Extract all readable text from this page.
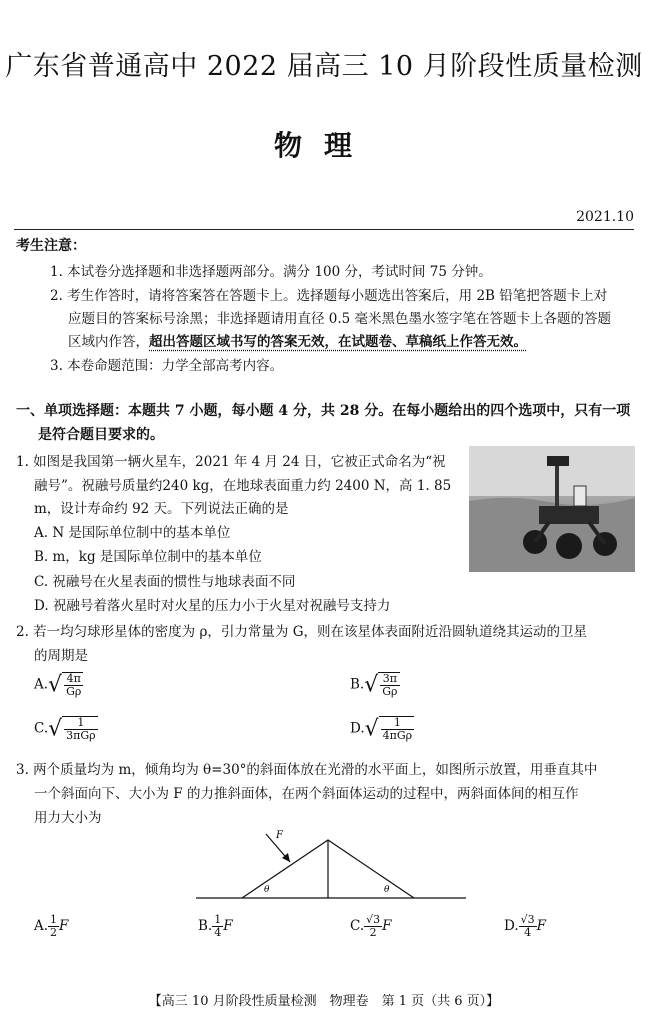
广东省普通高中 2022 届高三 10 月阶段性质量检测
物理
2021.10
考生注意：
1. 本试卷分选择题和非选择题两部分。满分 100 分，考试时间 75 分钟。
2. 考生作答时，请将答案答在答题卡上。选择题每小题选出答案后，用 2B 铅笔把答题卡上对
应题目的答案标号涂黑；非选择题请用直径 0.5 毫米黑色墨水签字笔在答题卡上各题的答题
区域内作答，超出答题区域书写的答案无效，在试题卷、草稿纸上作答无效。
3. 本卷命题范围：力学全部高考内容。
一、单项选择题：本题共 7 小题，每小题 4 分，共 28 分。在每小题给出的四个选项中，只有一项
是符合题目要求的。
1. 如图是我国第一辆火星车，2021 年 4 月 24 日，它被正式命名为“祝
融号”。祝融号质量约240 kg，在地球表面重力约 2400 N，高 1. 85
m，设计寿命约 92 天。下列说法正确的是
A. N 是国际单位制中的基本单位
B. m，kg 是国际单位制中的基本单位
C. 祝融号在火星表面的惯性与地球表面不同
D. 祝融号着落火星时对火星的压力小于火星对祝融号支持力
2. 若一均匀球形星体的密度为 ρ，引力常量为 G，则在该星体表面附近沿圆轨道绕其运动的卫星
的周期是
$A.√ \frac{4\pi}{G\rho}$	$B.√ \frac{3\pi}{G\rho}$
$C.√ \frac{1}{\text{3πGρ}}$	$D.√ \frac{1}{\text{4πGρ}}$
3. 两个质量均为 m，倾角均为 θ=30°的斜面体放在光滑的水平面上，如图所示放置，用垂直其中
一个斜面向下、大小为 F 的力推斜面体，在两个斜面体运动的过程中，两斜面体间的相互作
用力大小为
F
θ	θ
A. $\frac{1}{2}$ F	B. $\frac{1}{4}$ F	C. $\frac{√3}{2}$ F	D. $\frac{√3}{4}$ F
【高三 10 月阶段性质量检测　物理卷　第 1 页（共 6 页）】
